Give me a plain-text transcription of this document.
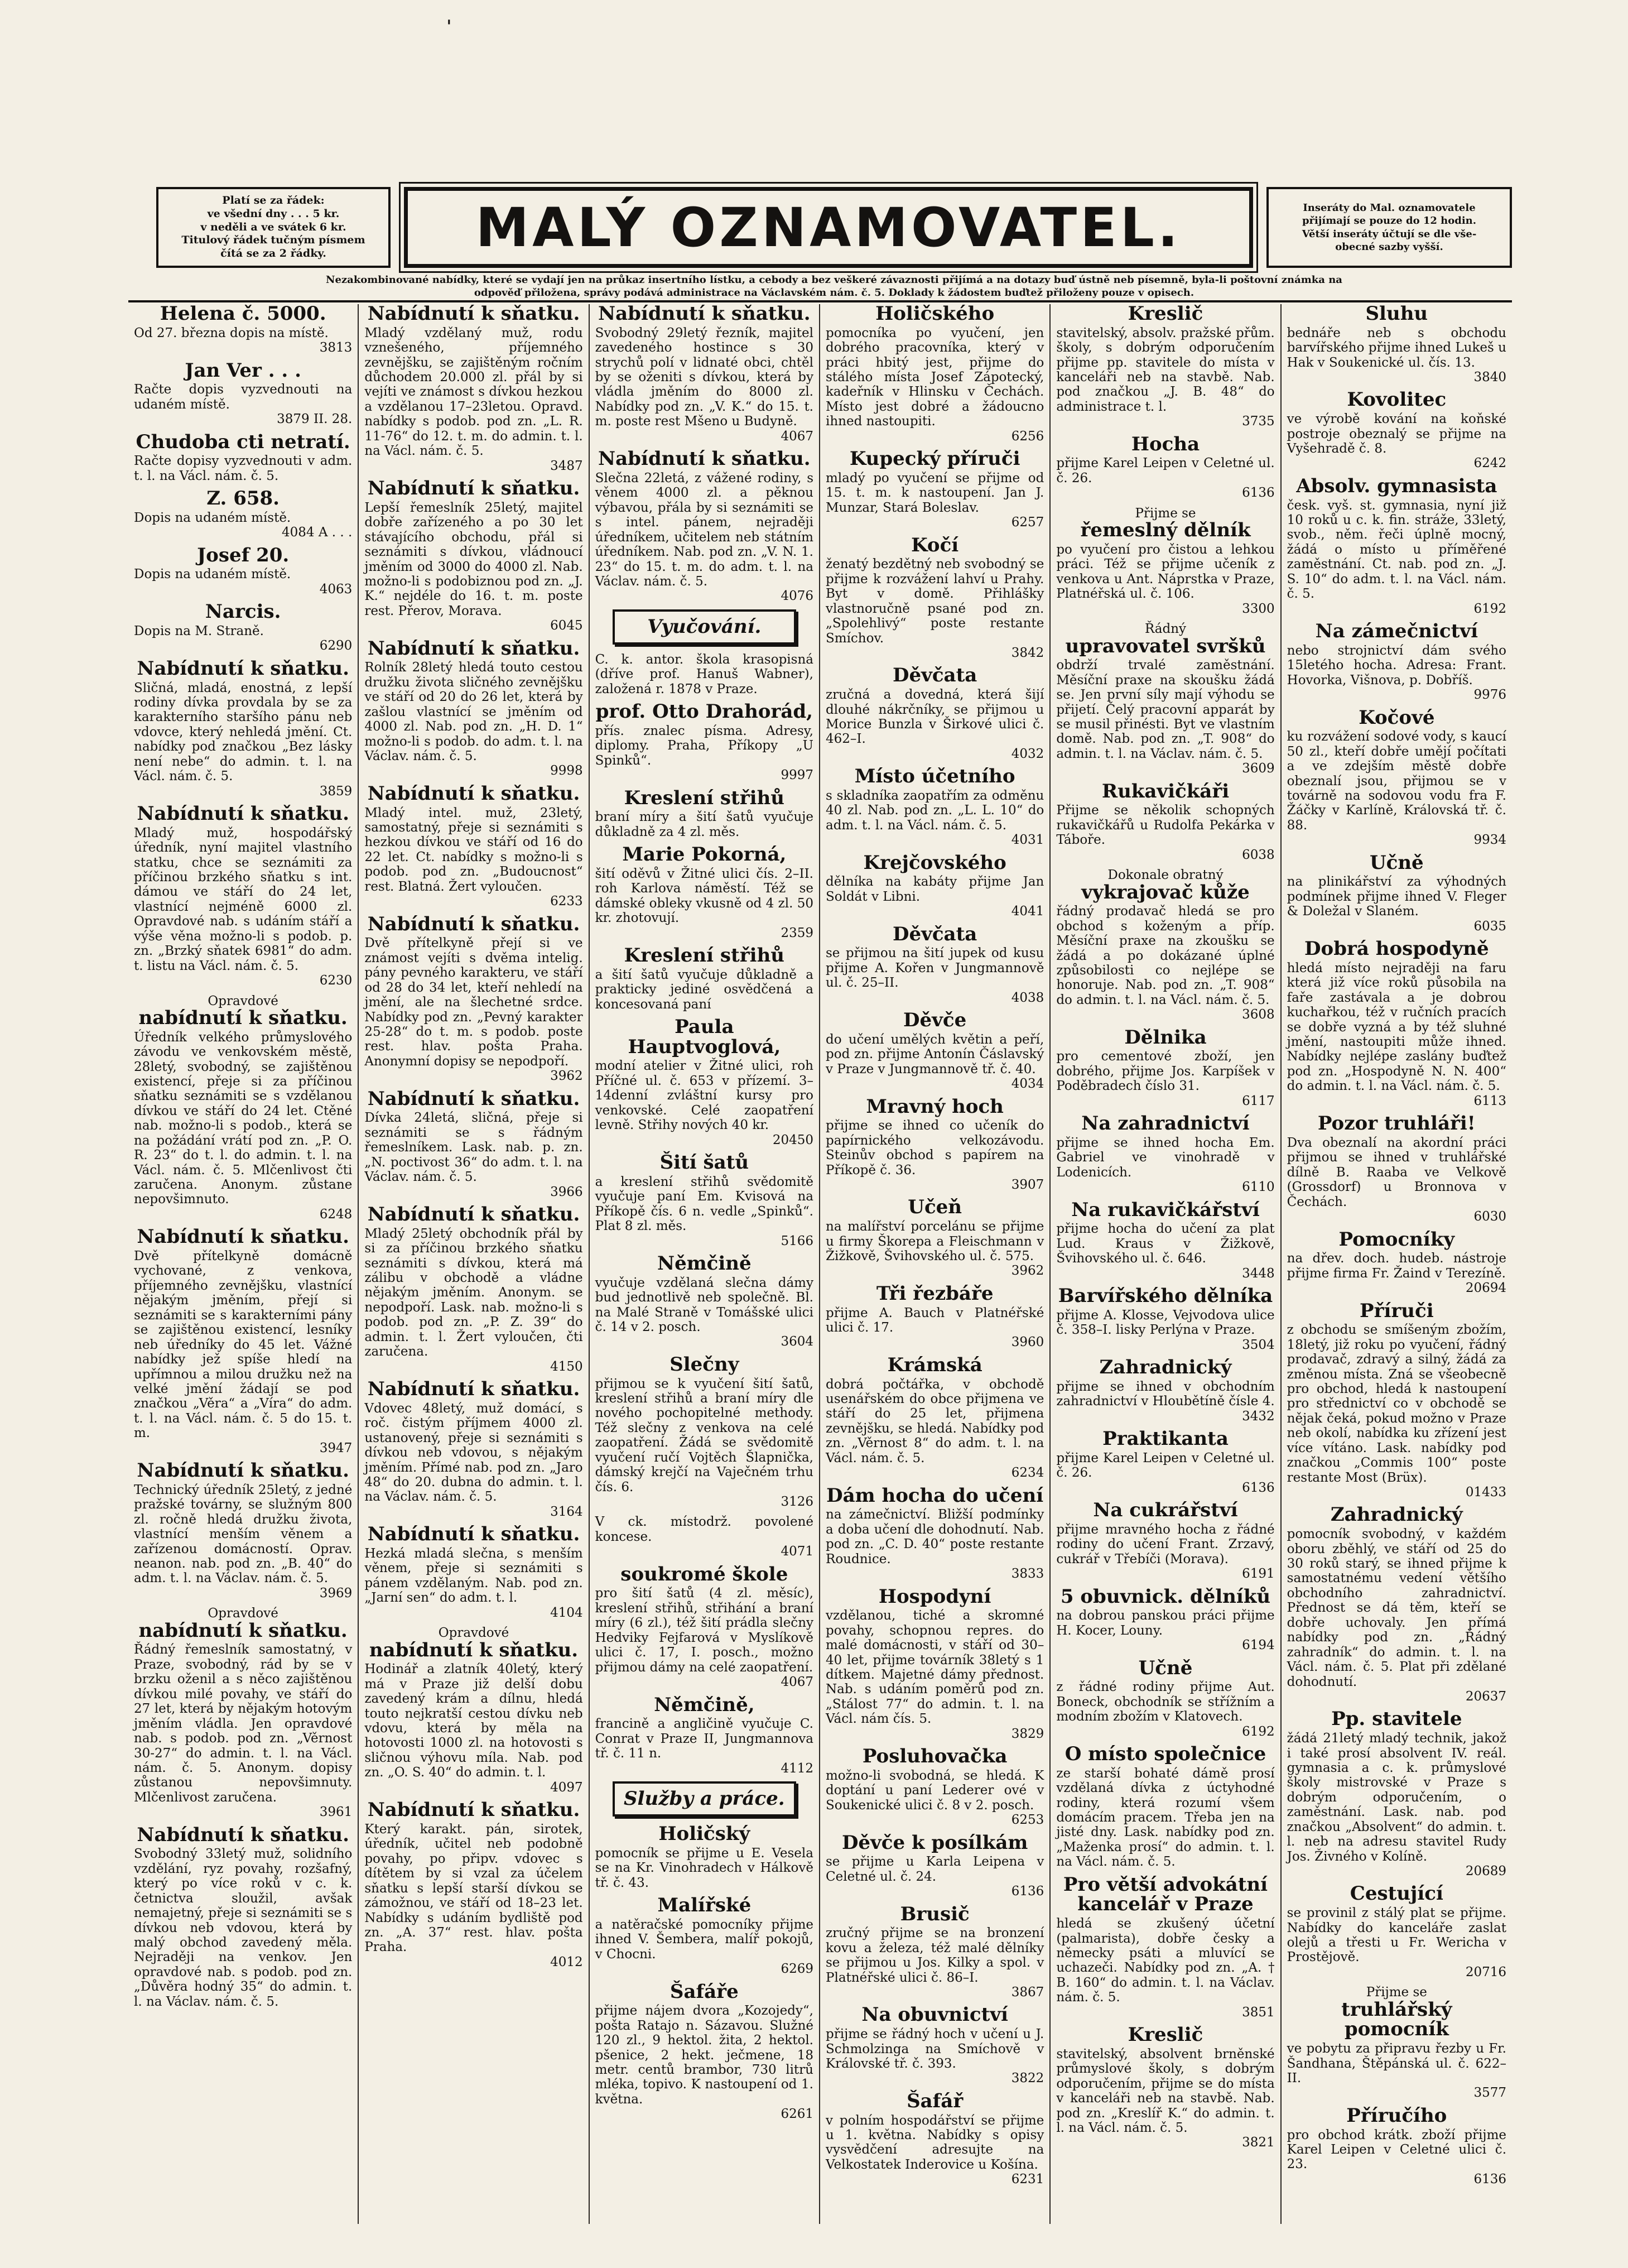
ˈ
Platí se za řádek:
ve všední dny . . . 5 kr.
v neděli a ve svátek 6 kr.
Titulový řádek tučným písmem
čítá se za 2 řádky.	MALÝ OZNAMOVATEL.	Inseráty do Mal. oznamovatele
přijímají se pouze do 12 hodin.
Větší inseráty účtují se dle vše-
obecné sazby vyšší.
Nezakombinované nabídky, které se vydají jen na průkaz insertního lístku, a cebody a bez veškeré závaznosti přijímá a na dotazy buď ústně neb písemně, byla-li poštovní známka na
odpověď přiložena, správy podává administrace na Václavském nám. č. 5. Doklady k žádostem buďtež přiloženy pouze v opisech.
Helena č. 5000.

Od 27. března dopis na místě.

3813
Jan Ver . . .

Račte dopis vyzvednouti na udaném místě.

3879 II. 28.
Chudoba cti netratí.

Račte dopisy vyzvednouti v adm. t. l. na Václ. nám. č. 5.

Z. 658.

Dopis na udaném místě.

4084 A . . .
Josef 20.

Dopis na udaném místě.

4063
Narcis.

Dopis na M. Straně.

6290
Nabídnutí k sňatku.

Sličná, mladá, enostná, z lepší rodiny dívka provdala by se za karakterního staršího pánu neb vdovce, který nehledá jmění. Ct. nabídky pod značkou „Bez lásky není nebe“ do admin. t. l. na Václ. nám. č. 5.

3859
Nabídnutí k sňatku.

Mladý muž, hospodářský úředník, nyní majitel vlastního statku, chce se seznámiti za příčinou brzkého sňatku s int. dámou ve stáří do 24 let, vlastnící nejméně 6000 zl. Opravdové nab. s udáním stáří a výše věna možno-li s podob. p. zn. „Brzký sňatek 6981“ do adm. t. listu na Václ. nám. č. 5.

6230
Opravdové
nabídnutí k sňatku.

Úředník velkého průmyslového závodu ve venkovském městě, 28letý, svobodný, se zajištěnou existencí, přeje si za příčinou sňatku seznámiti se s vzdělanou dívkou ve stáří do 24 let. Ctěné nab. možno-li s podob., která se na požádání vrátí pod zn. „P. O. R. 23“ do t. l. do admin. t. l. na Václ. nám. č. 5. Mlčenlivost čti zaručena. Anonym. zůstane nepovšimnuto.

6248
Nabídnutí k sňatku.

Dvě přítelkyně domácně vychované, z venkova, příjemného zevnějšku, vlastnící nějakým jměním, přejí si seznámiti se s karakterními pány se zajištěnou existencí, lesníky neb úředníky do 45 let. Vážné nabídky jež spíše hledí na upřímnou a milou družku než na velké jmění žádají se pod značkou „Věra“ a „Víra“ do adm. t. l. na Václ. nám. č. 5 do 15. t. m.

3947
Nabídnutí k sňatku.

Technický úředník 25letý, z jedné pražské továrny, se služným 800 zl. ročně hledá družku života, vlastnící menším věnem a zařízenou domácností. Oprav. neanon. nab. pod zn. „B. 40“ do adm. t. l. na Václav. nám. č. 5.

3969
Opravdové
nabídnutí k sňatku.

Řádný řemeslník samostatný, v Praze, svobodný, rád by se v brzku oženil a s něco zajištěnou dívkou milé povahy, ve stáří do 27 let, která by nějakým hotovým jměním vládla. Jen opravdové nab. s podob. pod zn. „Věrnost 30-27“ do admin. t. l. na Václ. nám. č. 5. Anonym. dopisy zůstanou nepovšimnuty. Mlčenlivost zaručena.

3961
Nabídnutí k sňatku.

Svobodný 33letý muž, solidního vzdělání, ryz povahy, rozšafný, který po více roků v c. k. četnictva sloužil, avšak nemajetný, přeje si seznámiti se s dívkou neb vdovou, která by malý obchod zavedený měla. Nejraději na venkov. Jen opravdové nab. s podob. pod zn. „Důvěra hodný 35“ do admin. t. l. na Václav. nám. č. 5.

Nabídnutí k sňatku.

Mladý vzdělaný muž, rodu vznešeného, příjemného zevnějšku, se zajištěným ročním důchodem 20.000 zl. přál by si vejíti ve známost s dívkou hezkou a vzdělanou 17–23letou. Opravd. nabídky s podob. pod zn. „L. R. 11-76“ do 12. t. m. do admin. t. l. na Václ. nám. č. 5.

3487
Nabídnutí k sňatku.

Lepší řemeslník 25letý, majitel dobře zařízeného a po 30 let stávajícího obchodu, přál si seznámiti s dívkou, vládnoucí jměním od 3000 do 4000 zl. Nab. možno-li s podobiznou pod zn. „J. K.“ nejdéle do 16. t. m. poste rest. Přerov, Morava.

6045
Nabídnutí k sňatku.

Rolník 28letý hledá touto cestou družku života sličného zevnějšku ve stáří od 20 do 26 let, která by zašlou vlastnící se jměním od 4000 zl. Nab. pod zn. „H. D. 1“ možno-li s podob. do adm. t. l. na Václav. nám. č. 5.

9998
Nabídnutí k sňatku.

Mladý intel. muž, 23letý, samostatný, přeje si seznámiti s hezkou dívkou ve stáří od 16 do 22 let. Ct. nabídky s možno-li s podob. pod zn. „Budoucnost“ rest. Blatná. Žert vyloučen.

6233
Nabídnutí k sňatku.

Dvě přítelkyně přejí si ve známost vejíti s dvěma intelig. pány pevného karakteru, ve stáří od 28 do 34 let, kteří nehledí na jmění, ale na šlechetné srdce. Nabídky pod zn. „Pevný karakter 25-28“ do t. m. s podob. poste rest. hlav. pošta Praha. Anonymní dopisy se nepodpoří.

3962
Nabídnutí k sňatku.

Dívka 24letá, sličná, přeje si seznámiti se s řádným řemeslníkem. Lask. nab. p. zn. „N. poctivost 36“ do adm. t. l. na Václav. nám. č. 5.

3966
Nabídnutí k sňatku.

Mladý 25letý obchodník přál by si za příčinou brzkého sňatku seznámiti s dívkou, která má zálibu v obchodě a vládne nějakým jměním. Anonym. se nepodpoří. Lask. nab. možno-li s podob. pod zn. „P. Z. 39“ do admin. t. l. Žert vyloučen, čti zaručena.

4150
Nabídnutí k sňatku.

Vdovec 48letý, muž domácí, s roč. čistým příjmem 4000 zl. ustanovený, přeje si seznámiti s dívkou neb vdovou, s nějakým jměním. Přímé nab. pod zn. „Jaro 48“ do 20. dubna do admin. t. l. na Václav. nám. č. 5.

3164
Nabídnutí k sňatku.

Hezká mladá slečna, s menším věnem, přeje si seznámiti s pánem vzdělaným. Nab. pod zn. „Jarní sen“ do adm. t. l.

4104
Opravdové
nabídnutí k sňatku.

Hodinář a zlatník 40letý, který má v Praze již delší dobu zavedený krám a dílnu, hledá touto nejkratší cestou dívku neb vdovu, která by měla na hotovosti 1000 zl. na hotovosti s sličnou výhovu míla. Nab. pod zn. „O. S. 40“ do admin. t. l.

4097
Nabídnutí k sňatku.

Který karakt. pán, sirotek, úředník, učitel neb podobně povahy, po připv. vdovec s dítětem by si vzal za účelem sňatku s lepší starší dívkou se zámožnou, ve stáří od 18–23 let. Nabídky s udáním bydliště pod zn. „A. 37“ rest. hlav. pošta Praha.

4012
Nabídnutí k sňatku.

Svobodný 29letý řezník, majitel zavedeného hostince s 30 strychů polí v lidnaté obci, chtěl by se oženiti s dívkou, která by vládla jměním do 8000 zl. Nabídky pod zn. „V. K.“ do 15. t. m. poste rest Mšeno u Budyně.

4067
Nabídnutí k sňatku.

Slečna 22letá, z vážené rodiny, s věnem 4000 zl. a pěknou výbavou, přála by si seznámiti se s intel. pánem, nejraději úředníkem, učitelem neb státním úředníkem. Nab. pod zn. „V. N. 1. 23“ do 15. t. m. do adm. t. l. na Václav. nám. č. 5.

4076
Vyučování.

C. k. antor. škola krasopisná (dříve prof. Hanuš Wabner), založená r. 1878 v Praze.

prof. Otto Drahorád,

přís. znalec písma. Adresy, diplomy. Praha, Příkopy „U Spinků“.

9997
Kreslení střihů

braní míry a šití šatů vyučuje důkladně za 4 zl. měs.

Marie Pokorná,

šití oděvů v Žitné ulici čís. 2–II. roh Karlova náměstí. Též se dámské obleky vkusně od 4 zl. 50 kr. zhotovují.

2359
Kreslení střihů

a šití šatů vyučuje důkladně a prakticky jediné osvědčená a koncesovaná paní

Paula Hauptvoglová,

modní atelier v Žitné ulici, roh Příčné ul. č. 653 v přízemí. 3–14denní zvláštní kursy pro venkovské. Celé zaopatření levně. Střihy nových 40 kr.

20450
Šití šatů

a kreslení střihů svědomitě vyučuje paní Em. Kvisová na Příkopě čís. 6 n. vedle „Spinků“. Plat 8 zl. měs.

5166
Němčině

vyučuje vzdělaná slečna dámy bud jednotlivě neb společně. Bl. na Malé Straně v Tomášské ulici č. 14 v 2. posch.

3604
Slečny

přijmou se k vyučení šití šatů, kreslení střihů a braní míry dle nového pochopitelné methody. Též slečny z venkova na celé zaopatření. Žádá se svědomitě vyučení ručí Vojtěch Šlapnička, dámský krejčí na Vaječném trhu čís. 6.

3126

V ck. místodrž. povolené koncese.

4071
soukromé škole

pro šití šatů (4 zl. měsíc), kreslení střihů, střihání a braní míry (6 zl.), též šití prádla slečny Hedviky Fejfarová v Myslíkově ulici č. 17, I. posch., možno přijmou dámy na celé zaopatření.

4067
Němčině,

francině a angličině vyučuje C. Conrat v Praze II, Jungmannova tř. č. 11 n.

4112
Služby a práce.
Holičský

pomocník se přijme u E. Vesela se na Kr. Vinohradech v Hálkově tř. č. 43.

Malířské

a natěračské pomocníky přijme ihned V. Šembera, malíř pokojů, v Chocni.

6269
Šafáře

přijme nájem dvora „Kozojedy“, pošta Ratajo n. Sázavou. Služné 120 zl., 9 hektol. žita, 2 hektol. pšenice, 2 hekt. ječmene, 18 metr. centů brambor, 730 litrů mléka, topivo. K nastoupení od 1. května.

6261
Holičského

pomocníka po vyučení, jen dobrého pracovníka, který v práci hbitý jest, přijme do stálého místa Josef Zápotecký, kadeřník v Hlinsku v Čechách. Místo jest dobré a žádoucno ihned nastoupiti.

6256
Kupecký příruči

mladý po vyučení se přijme od 15. t. m. k nastoupení. Jan J. Munzar, Stará Boleslav.

6257
Kočí

ženatý bezdětný neb svobodný se přijme k rozvážení lahví u Prahy. Byt v domě. Přihlášky vlastnoručně psané pod zn. „Spolehlivý“ poste restante Smíchov.

3842
Děvčata

zručná a dovedná, která šijí dlouhé nákrčníky, se přijmou u Morice Bunzla v Širkové ulici č. 462–I.

4032
Místo účetního

s skladníka zaopatřím za odměnu 40 zl. Nab. pod zn. „L. L. 10“ do adm. t. l. na Václ. nám. č. 5.

4031
Krejčovského

dělníka na kabáty přijme Jan Soldát v Libni.

4041
Děvčata

se přijmou na šití jupek od kusu přijme A. Kořen v Jungmannově ul. č. 25–II.

4038
Děvče

do učení umělých květin a peří, pod zn. přijme Antonín Čáslavský v Praze v Jungmannově tř. č. 40.

4034
Mravný hoch

přijme se ihned co učeník do papírnického velkozávodu. Steinův obchod s papírem na Příkopě č. 36.

3907
Učeň

na malířství porcelánu se přijme u firmy Škorepa a Fleischmann v Žižkově, Švihovského ul. č. 575.

3962
Tři řezbáře

přijme A. Bauch v Platnéřské ulici č. 17.

3960
Krámská

dobrá počtářka, v obchodě usenářském do obce přijmena ve stáří do 25 let, přijmena zevnějšku, se hledá. Nabídky pod zn. „Věrnost 8“ do adm. t. l. na Václ. nám. č. 5.

6234
Dám hocha do učení

na zámečnictví. Bližší podmínky a doba učení dle dohodnutí. Nab. pod zn. „C. D. 40“ poste restante Roudnice.

3833
Hospodyní

vzdělanou, tiché a skromné povahy, schopnou repres. do malé domácnosti, v stáří od 30–40 let, přijme továrník 38letý s 1 dítkem. Majetné dámy přednost. Nab. s udáním poměrů pod zn. „Stálost 77“ do admin. t. l. na Václ. nám čís. 5.

3829
Posluhovačka

možno-li svobodná, se hledá. K doptání u paní Lederer ové v Soukenické ulici č. 8 v 2. posch.

6253
Děvče k posílkám

se přijme u Karla Leipena v Celetné ul. č. 24.

6136
Brusič

zručný přijme se na bronzení kovu a železa, též malé dělníky se přijmou u Jos. Kilky a spol. v Platnéřské ulici č. 86–I.

3867
Na obuvnictví

přijme se řádný hoch v učení u J. Schmolzinga na Smíchově v Královské tř. č. 393.

3822
Šafář

v polním hospodářství se přijme u 1. května. Nabídky s opisy vysvědčení adresujte na Velkostatek Inderovice u Košína.

6231
Kreslič

stavitelský, absolv. pražské přům. školy, s dobrým odporučením přijme pp. stavitele do místa v kanceláři neb na stavbě. Nab. pod značkou „J. B. 48“ do administrace t. l.

3735
Hocha

přijme Karel Leipen v Celetné ul. č. 26.

6136
Přijme se
řemeslný dělník

po vyučení pro čistou a lehkou práci. Též se přijme učeník z venkova u Ant. Náprstka v Praze, Platnéřská ul. č. 106.

3300
Řádný
upravovatel svršků

obdrží trvalé zaměstnání. Měsíční praxe na skoušku žádá se. Jen první síly mají výhodu se přijetí. Čelý pracovní apparát by se musil přinésti. Byt ve vlastním domě. Nab. pod zn. „T. 908“ do admin. t. l. na Václav. nám. č. 5.

3609
Rukavičkáři

Přijme se několik schopných rukavičkářů u Rudolfa Pekárka v Táboře.

6038
Dokonale obratný
vykrajovač kůže

řádný prodavač hledá se pro obchod s koženým a příp. Měsíční praxe na zkoušku se žádá a po dokázané úplné způsobilosti co nejlépe se honoruje. Nab. pod zn. „T. 908“ do admin. t. l. na Václ. nám. č. 5.

3608
Dělnika

pro cementové zboží, jen dobrého, přijme Jos. Karpíšek v Poděbradech číslo 31.

6117
Na zahradnictví

přijme se ihned hocha Em. Gabriel ve vinohradě v Lodenicích.

6110
Na rukavičkářství

přijme hocha do učení za plat Lud. Kraus v Žižkově, Švihovského ul. č. 646.

3448
Barvířského dělníka

přijme A. Klosse, Vejvodova ulice č. 358–I. lisky Perlýna v Praze.

3504
Zahradnický

přijme se ihned v obchodním zahradnictví v Hloubětíně čísle 4.

3432
Praktikanta

přijme Karel Leipen v Celetné ul. č. 26.

6136
Na cukrářství

přijme mravného hocha z řádné rodiny do učení Frant. Zrzavý, cukrář v Třebíči (Morava).

6191
5 obuvnick. dělníků

na dobrou panskou práci přijme H. Kocer, Louny.

6194
Učně

z řádné rodiny přijme Aut. Boneck, obchodník se střížním a modním zbožím v Klatovech.

6192
O místo společnice

ze starší bohaté dámě prosí vzdělaná dívka z úctyhodné rodiny, která rozumí všem domácím pracem. Třeba jen na jisté dny. Lask. nabídky pod zn. „Maženka prosí“ do admin. t. l. na Václ. nám. č. 5.

Pro větší advokátní kancelář v Praze

hledá se zkušený účetní (palmarista), dobře česky a německy psáti a mluvící se uchazeči. Nabídky pod zn. „A. † B. 160“ do admin. t. l. na Václav. nám. č. 5.

3851
Kreslič

stavitelský, absolvent brněnské průmyslové školy, s dobrým odporučením, přijme se do místa v kanceláři neb na stavbě. Nab. pod zn. „Kreslíř K.“ do admin. t. l. na Václ. nám. č. 5.

3821
Sluhu

bednáře neb s obchodu barvířského přijme ihned Lukeš u Hak v Soukenické ul. čís. 13.

3840
Kovolitec

ve výrobě kování na koňské postroje obeznalý se přijme na Vyšehradě č. 8.

6242
Absolv. gymnasista

česk. vyš. st. gymnasia, nyní již 10 roků u c. k. fin. stráže, 33letý, svob., něm. řeči úplně mocný, žádá o místo u příměřené zaměstnání. Ct. nab. pod zn. „J. S. 10“ do adm. t. l. na Václ. nám. č. 5.

6192
Na zámečnictví

nebo strojnictví dám svého 15letého hocha. Adresa: Frant. Hovorka, Višnova, p. Dobříš.

9976
Kočové

ku rozvážení sodové vody, s kaucí 50 zl., kteří dobře umějí počítati a ve zdejším městě dobře obeznalí jsou, přijmou se v továrně na sodovou vodu fra F. Žáčky v Karlíně, Královská tř. č. 88.

9934
Učně

na plinikářství za výhodných podmínek přijme ihned V. Fleger & Doležal v Slaném.

6035
Dobrá hospodyně

hledá místo nejraději na faru která již více roků působila na faře zastávala a je dobrou kuchařkou, též v ručních pracích se dobře vyzná a by též sluhné jmění, nastoupiti může ihned. Nabídky nejlépe zaslány buďtež pod zn. „Hospodyně N. N. 400“ do admin. t. l. na Václ. nám. č. 5.

6113
Pozor truhláři!

Dva obeznalí na akordní práci přijmou se ihned v truhlářské dílně B. Raaba ve Velkově (Grossdorf) u Bronnova v Čechách.

6030
Pomocníky

na dřev. doch. hudeb. nástroje přijme firma Fr. Žaind v Terezíně.

20694
Příruči

z obchodu se smíšeným zbožím, 18letý, již roku po vyučení, řádný prodavač, zdravý a silný, žádá za změnou místa. Zná se všeobecně pro obchod, hledá k nastoupení pro střednictví co v obchodě se nějak čeká, pokud možno v Praze neb okolí, nabídka ku zřízení jest více vítáno. Lask. nabídky pod značkou „Commis 100“ poste restante Most (Brüx).

01433
Zahradnický

pomocník svobodný, v každém oboru zběhlý, ve stáří od 25 do 30 roků starý, se ihned přijme k samostatnému vedení většího obchodního zahradnictví. Přednost se dá těm, kteří se dobře uchovaly. Jen přímá nabídky pod zn. „Řádný zahradník“ do admin. t. l. na Václ. nám. č. 5. Plat při zdělané dohodnutí.

20637
Pp. stavitele

žádá 21letý mladý technik, jakož i také prosí absolvent IV. reál. gymnasia a c. k. průmyslové školy mistrovské v Praze s dobrým odporučením, o zaměstnání. Lask. nab. pod značkou „Absolvent“ do admin. t. l. neb na adresu stavitel Rudy Jos. Živného v Kolíně.

20689
Cestující

se provinil z stálý plat se přijme. Nabídky do kanceláře zaslat olejů a třesti u Fr. Wericha v Prostějově.

20716
Přijme se
truhlářský pomocník

ve pobytu za připravu řezby u Fr. Šandhana, Štěpánská ul. č. 622–II.

3577
Příručího

pro obchod krátk. zboží přijme Karel Leipen v Celetné ulici č. 23.

6136
